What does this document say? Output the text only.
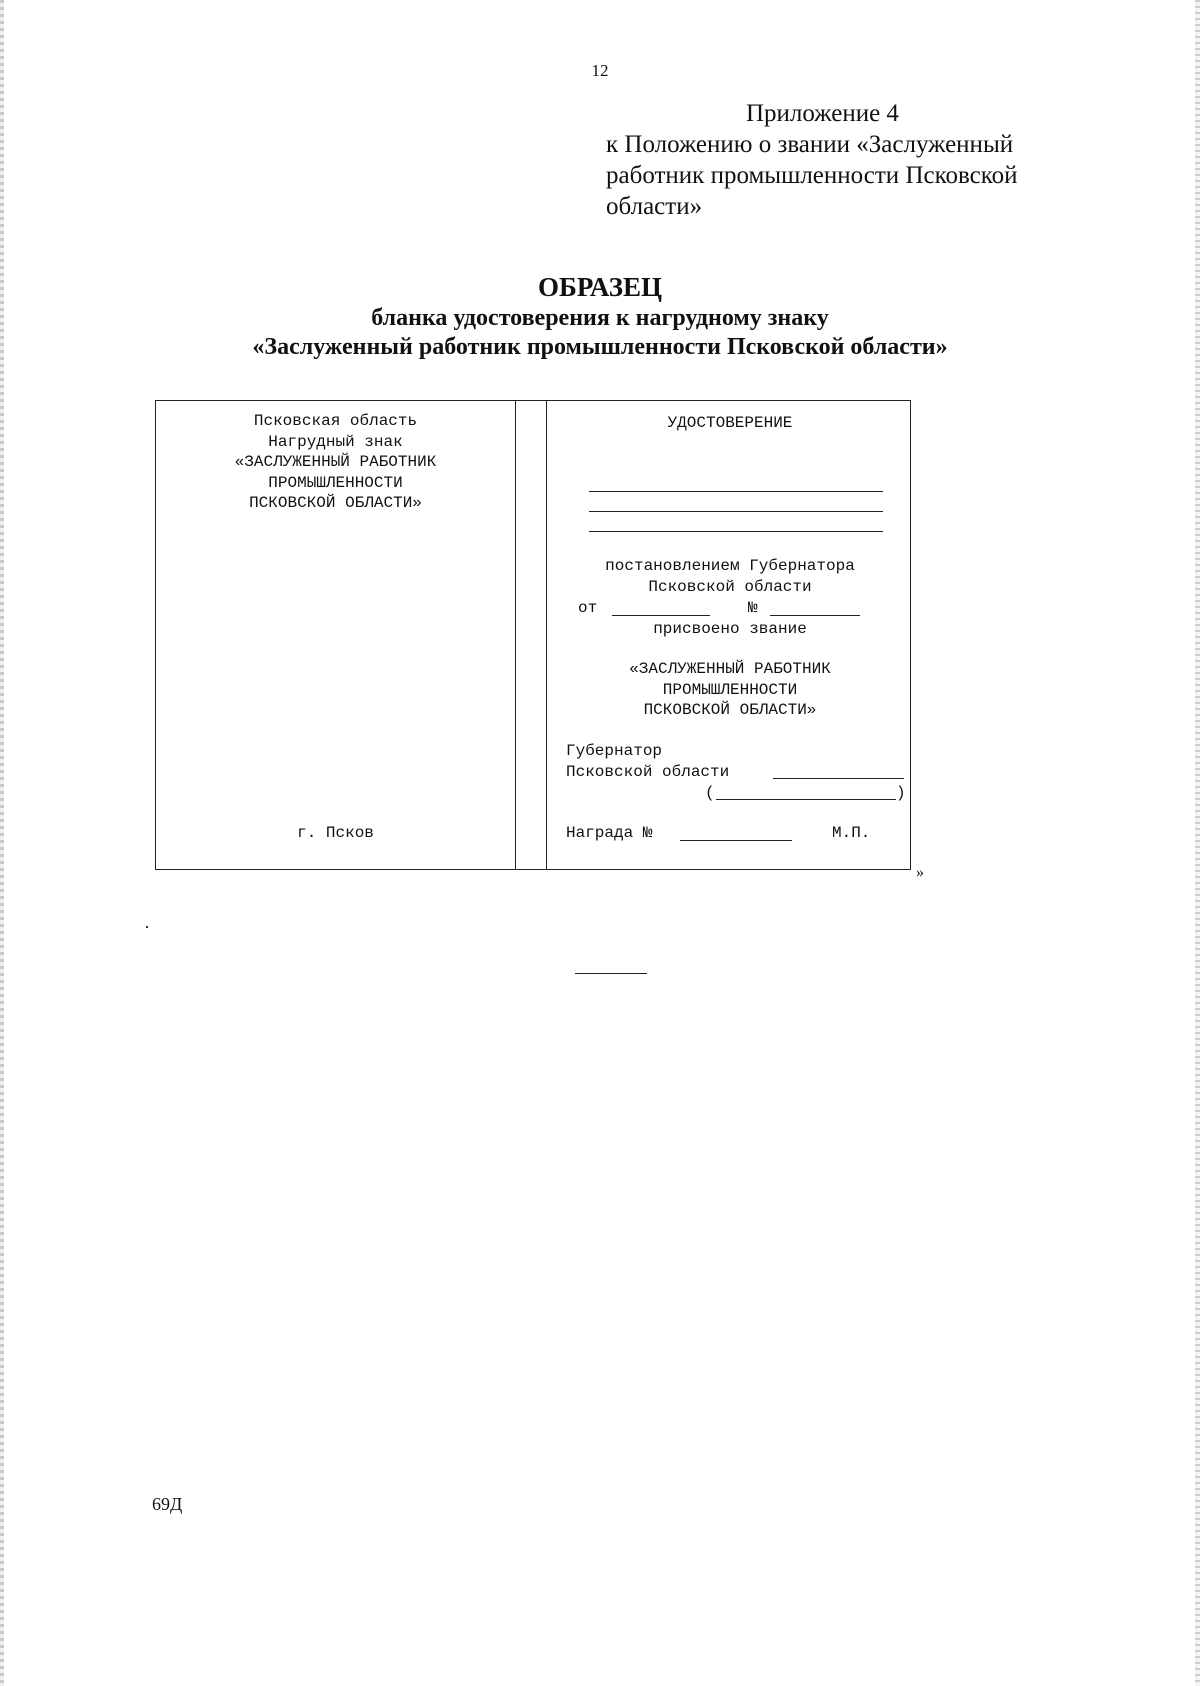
12
Приложение 4
к Положению о звании «Заслуженный работник промышленности Псковской области»
ОБРАЗЕЦ
бланка удостоверения к нагрудному знаку
«Заслуженный работник промышленности Псковской области»
Псковская область
Нагрудный знак
«ЗАСЛУЖЕННЫЙ РАБОТНИК
ПРОМЫШЛЕННОСТИ
ПСКОВСКОЙ ОБЛАСТИ»
г. Псков
УДОСТОВЕРЕНИЕ
постановлением Губернатора
Псковской области
от	№
присвоено звание
«ЗАСЛУЖЕННЫЙ РАБОТНИК
ПРОМЫШЛЕННОСТИ
ПСКОВСКОЙ ОБЛАСТИ»
Губернатор
Псковской области
(	)
Награда №	М.П.
»
69Д
